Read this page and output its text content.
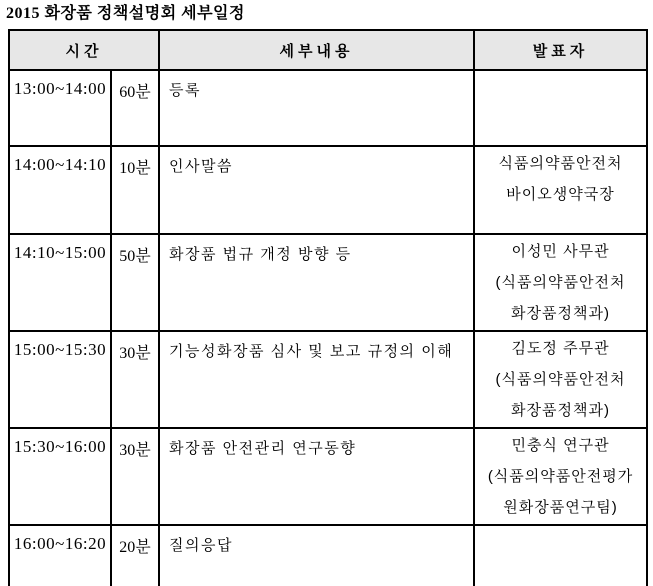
2015 화장품 정책설명회 세부일정
시간		세부내용	발표자
13:00~14:00	60분	등록	
14:00~14:10	10분	인사말씀	식품의약품안전처
바이오생약국장

14:10~15:00	50분	화장품 법규 개정 방향 등	이성민 사무관
(식품의약품안전처
화장품정책과)

15:00~15:30	30분	기능성화장품 심사 및 보고 규정의 이해	김도정 주무관
(식품의약품안전처
화장품정책과)

15:30~16:00	30분	화장품 안전관리 연구동향	민충식 연구관
(식품의약품안전평가
원화장품연구팀)

16:00~16:20	20분	질의응답	
